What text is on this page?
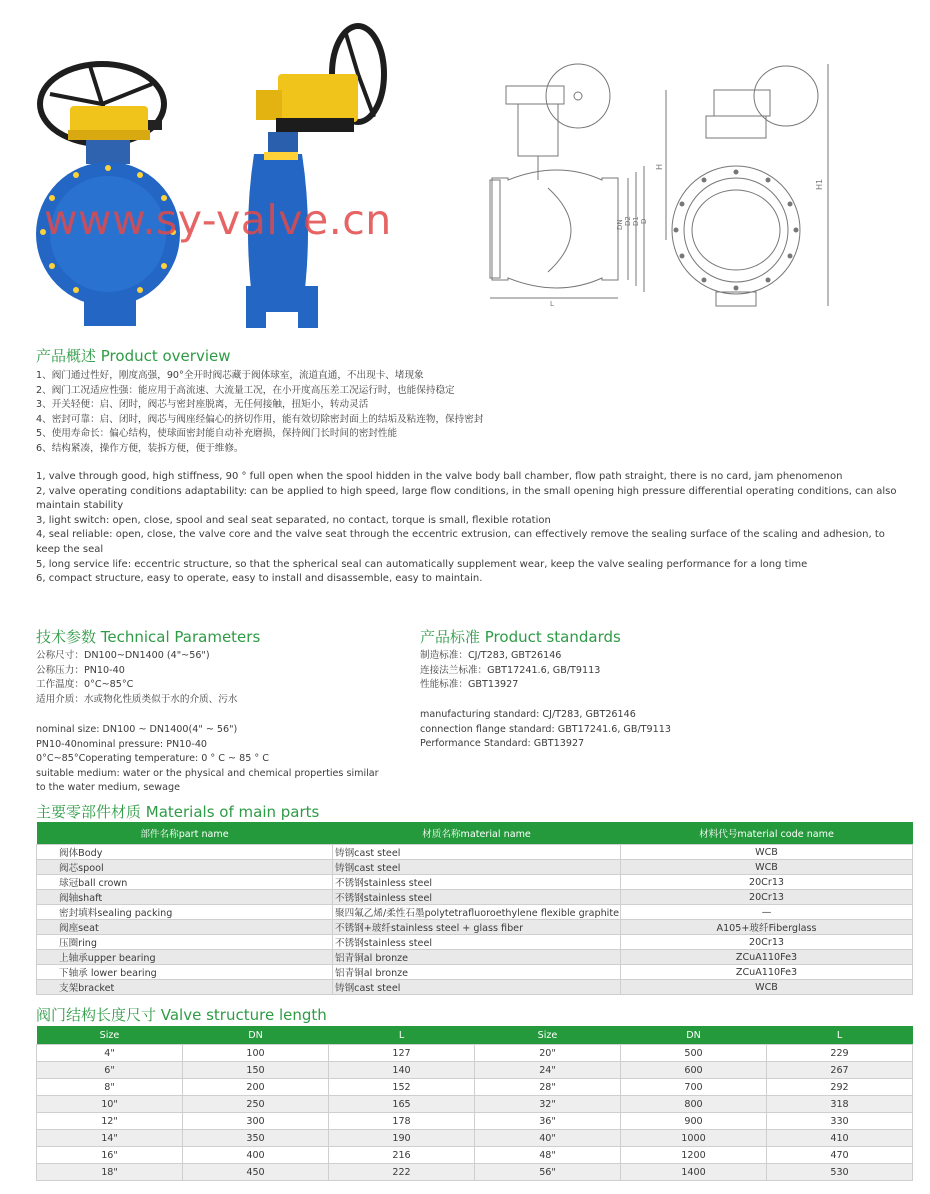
www.sy-valve.cn	DN D2 D1 D
L
H
H1
产品概述 Product overview
1、阀门通过性好，刚度高强，90°全开时阀芯藏于阀体球室，流道直通，不出现卡、堵现象
2、阀门工况适应性强：能应用于高流速、大流量工况，在小开度高压差工况运行时，也能保持稳定
3、开关轻便：启、闭时，阀芯与密封座脱离，无任何接触，扭矩小，转动灵活
4、密封可靠：启、闭时，阀芯与阀座经偏心的挤切作用，能有效切除密封面上的结垢及粘连物，保持密封
5、使用寿命长：偏心结构，使球面密封能自动补充磨损，保持阀门长时间的密封性能
6、结构紧凑，操作方便，装拆方便，便于维修。
1, valve through good, high stiffness, 90 ° full open when the spool hidden in the valve body ball chamber, flow path straight, there is no card, jam phenomenon
2, valve operating conditions adaptability: can be applied to high speed, large flow conditions, in the small opening high pressure differential operating conditions, can also maintain stability
3, light switch: open, close, spool and seal seat separated, no contact, torque is small, flexible rotation
4, seal reliable: open, close, the valve core and the valve seat through the eccentric extrusion, can effectively remove the sealing surface of the scaling and adhesion, to keep the seal
5, long service life: eccentric structure, so that the spherical seal can automatically supplement wear, keep the valve sealing performance for a long time
6, compact structure, easy to operate, easy to install and disassemble, easy to maintain.
技术参数 Technical Parameters
公称尺寸：DN100~DN1400 (4"~56")
公称压力：PN10-40
工作温度：0°C~85°C
适用介质：水或物化性质类似于水的介质、污水
nominal size: DN100 ~ DN1400(4" ~ 56")
PN10-40nominal pressure: PN10-40
0°C~85°Coperating temperature: 0 ° C ~ 85 ° C
suitable medium: water or the physical and chemical properties similar
to the water medium, sewage
产品标准 Product standards
制造标准：CJ/T283, GBT26146
连接法兰标准：GBT17241.6, GB/T9113
性能标准：GBT13927
manufacturing standard: CJ/T283, GBT26146
connection flange standard: GBT17241.6, GB/T9113
Performance Standard: GBT13927
主要零部件材质 Materials of main parts
部件名称part name	材质名称material name	材料代号material code name
阀体Body	铸钢cast steel	WCB
阀芯spool	铸钢cast steel	WCB
球冠ball crown	不锈钢stainless steel	20Cr13
阀轴shaft	不锈钢stainless steel	20Cr13
密封填料sealing packing	聚四氟乙烯/柔性石墨polytetrafluoroethylene flexible graphite	—
阀座seat	不锈钢+玻纤stainless steel + glass fiber	A105+玻纤Fiberglass
压圈ring	不锈钢stainless steel	20Cr13
上轴承upper bearing	铝青铜al bronze	ZCuA110Fe3
下轴承 lower bearing	铝青铜al bronze	ZCuA110Fe3
支架bracket	铸钢cast steel	WCB
阀门结构长度尺寸 Valve structure length
Size	DN	L	Size	DN	L
4"	100	127	20"	500	229
6"	150	140	24"	600	267
8"	200	152	28"	700	292
10"	250	165	32"	800	318
12"	300	178	36"	900	330
14"	350	190	40"	1000	410
16"	400	216	48"	1200	470
18"	450	222	56"	1400	530
